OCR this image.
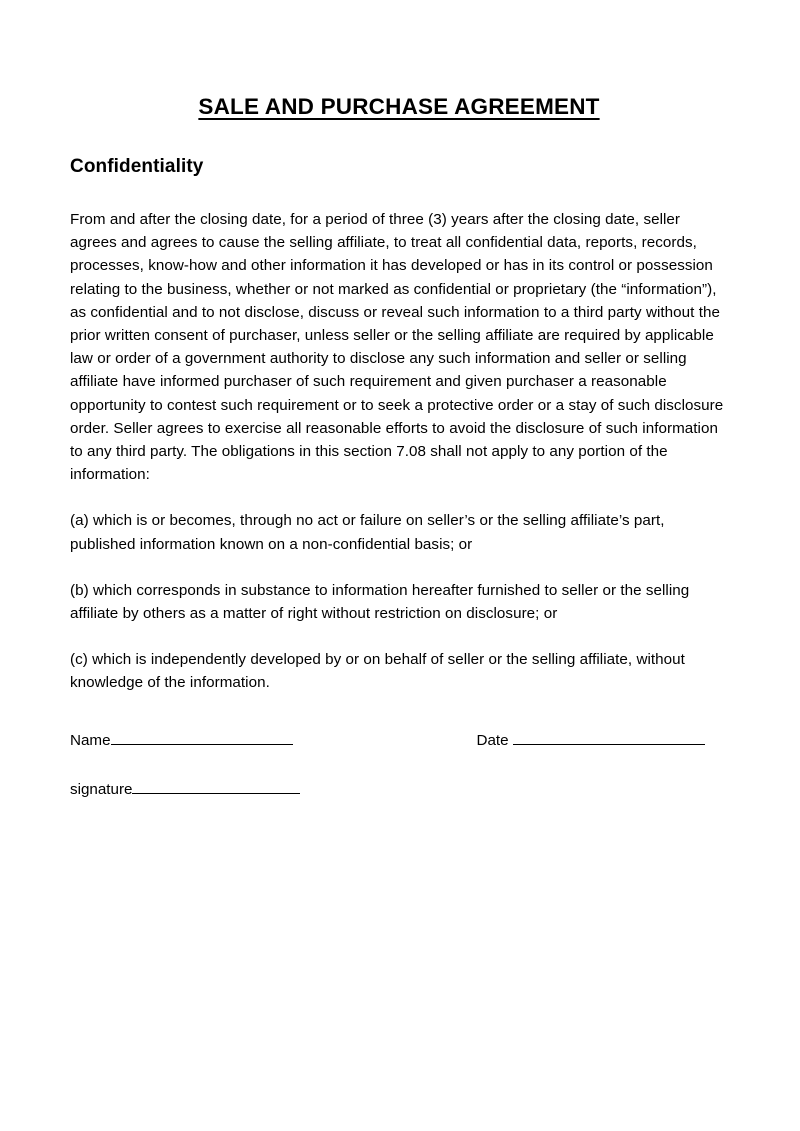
SALE AND PURCHASE AGREEMENT
Confidentiality

From and after the closing date, for a period of three (3) years after the closing date, seller agrees and agrees to cause the selling affiliate, to treat all confidential data, reports, records, processes, know-how and other information it has developed or has in its control or possession relating to the business, whether or not marked as confidential or proprietary (the “information”), as confidential and to not disclose, discuss or reveal such information to a third party without the prior written consent of purchaser, unless seller or the selling affiliate are required by applicable law or order of a government authority to disclose any such information and seller or selling affiliate have informed purchaser of such requirement and given purchaser a reasonable opportunity to contest such requirement or to seek a protective order or a stay of such disclosure order. Seller agrees to exercise all reasonable efforts to avoid the disclosure of such information to any third party. The obligations in this section 7.08 shall not apply to any portion of the information:

(a) which is or becomes, through no act or failure on seller’s or the selling affiliate’s part, published information known on a non-confidential basis; or

(b) which corresponds in substance to information hereafter furnished to seller or the selling affiliate by others as a matter of right without restriction on disclosure; or

(c) which is independently developed by or on behalf of seller or the selling affiliate, without knowledge of the information.

Name	Date
signature
